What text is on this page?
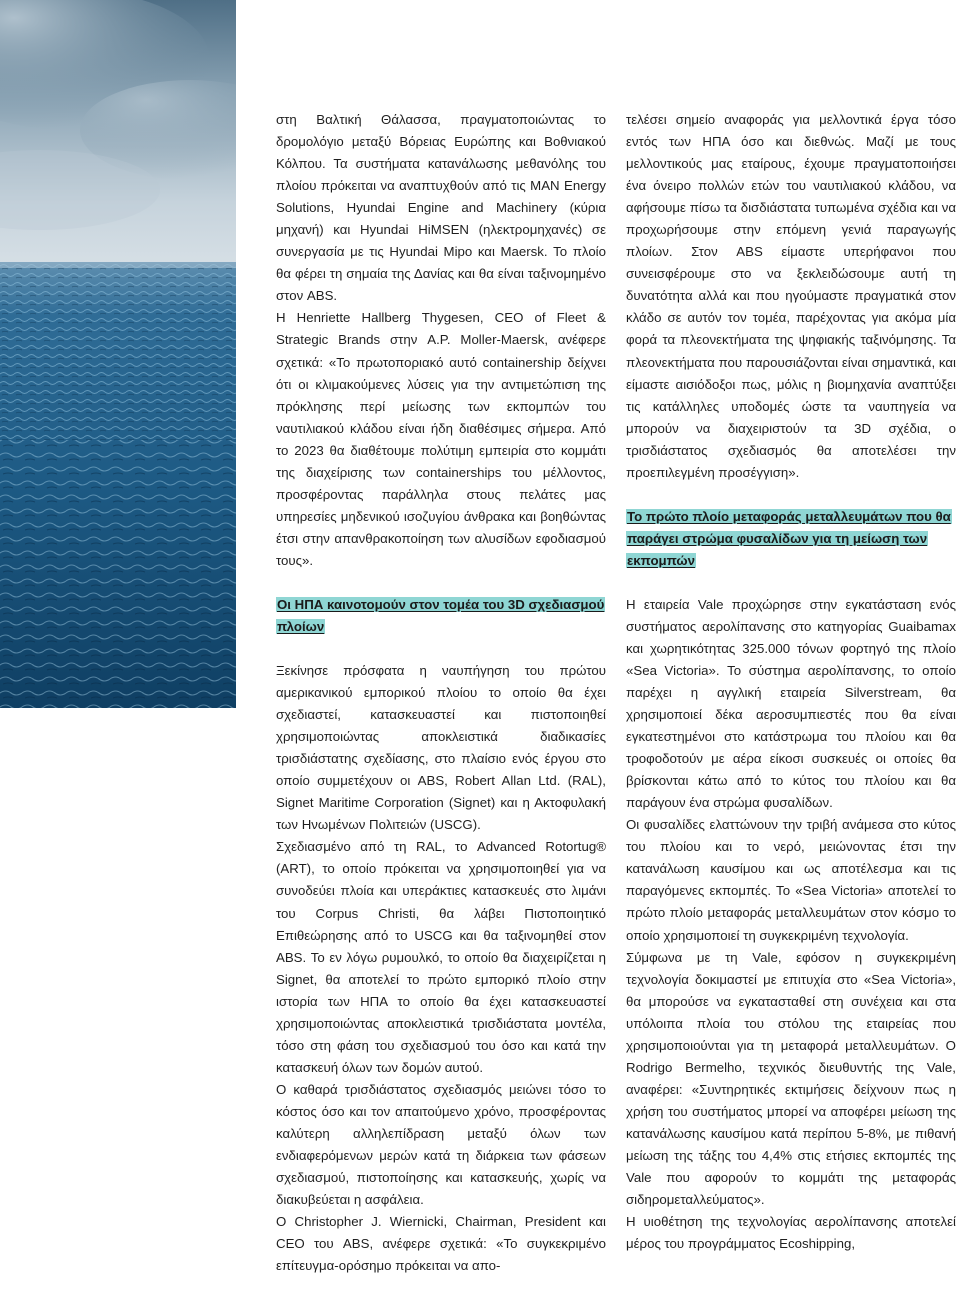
στη Βαλτική Θάλασσα, πραγματοποιώντας το δρομολόγιο μεταξύ Βόρειας Ευρώπης και Βοθνιακού Κόλπου. Τα συστήματα κατανάλωσης μεθανόλης του πλοίου πρόκειται να αναπτυχθούν από τις MAN Energy Solutions, Hyundai Engine and Machinery (κύρια μηχανή) και Hyundai HiMSEN (ηλεκτρομηχανές) σε συνεργασία με τις Hyundai Mipo και Maersk. Το πλοίο θα φέρει τη σημαία της Δανίας και θα είναι ταξινομημένο στον ABS.

Η Henriette Hallberg Thygesen, CEO of Fleet & Strategic Brands στην A.P. Moller-Maersk, ανέφερε σχετικά: «Το πρωτοποριακό αυτό containership δείχνει ότι οι κλιμακούμενες λύσεις για την αντιμετώπιση της πρόκλησης περί μείωσης των εκπομπών του ναυτιλιακού κλάδου είναι ήδη διαθέσιμες σήμερα. Από το 2023 θα διαθέτουμε πολύτιμη εμπειρία στο κομμάτι της διαχείρισης των containerships του μέλλοντος, προσφέροντας παράλληλα στους πελάτες μας υπηρεσίες μηδενικού ισοζυγίου άνθρακα και βοηθώντας έτσι στην απανθρακοποίηση των αλυσίδων εφοδιασμού τους».

Οι ΗΠΑ καινοτομούν στον τομέα του 3D σχεδιασμού πλοίων

Ξεκίνησε πρόσφατα η ναυπήγηση του πρώτου αμερικανικού εμπορικού πλοίου το οποίο θα έχει σχεδιαστεί, κατασκευαστεί και πιστοποιηθεί χρησιμοποιώντας αποκλειστικά διαδικασίες τρισδιάστατης σχεδίασης, στο πλαίσιο ενός έργου στο οποίο συμμετέχουν οι ABS, Robert Allan Ltd. (RAL), Signet Maritime Corporation (Signet) και η Ακτοφυλακή των Ηνωμένων Πολιτειών (USCG).

Σχεδιασμένο από τη RAL, το Advanced Rotortug® (ART), το οποίο πρόκειται να χρησιμοποιηθεί για να συνοδεύει πλοία και υπεράκτιες κατασκευές στο λιμάνι του Corpus Christi, θα λάβει Πιστοποιητικό Επιθεώρησης από το USCG και θα ταξινομηθεί στον ABS. Το εν λόγω ρυμουλκό, το οποίο θα διαχειρίζεται η Signet, θα αποτελεί το πρώτο εμπορικό πλοίο στην ιστορία των ΗΠΑ το οποίο θα έχει κατασκευαστεί χρησιμοποιώντας αποκλειστικά τρισδιάστατα μοντέλα, τόσο στη φάση του σχεδιασμού του όσο και κατά την κατασκευή όλων των δομών αυτού.

Ο καθαρά τρισδιάστατος σχεδιασμός μειώνει τόσο το κόστος όσο και τον απαιτούμενο χρόνο, προσφέροντας καλύτερη αλληλεπίδραση μεταξύ όλων των ενδιαφερόμενων μερών κατά τη διάρκεια των φάσεων σχεδιασμού, πιστοποίησης και κατασκευής, χωρίς να διακυβεύεται η ασφάλεια.

Ο Christopher J. Wiernicki, Chairman, President και CEO του ABS, ανέφερε σχετικά: «Το συγκεκριμένο επίτευγμα-ορόσημο πρόκειται να απο-

τελέσει σημείο αναφοράς για μελλοντικά έργα τόσο εντός των ΗΠΑ όσο και διεθνώς. Μαζί με τους μελλοντικούς μας εταίρους, έχουμε πραγματοποιήσει ένα όνειρο πολλών ετών του ναυτιλιακού κλάδου, να αφήσουμε πίσω τα δισδιάστατα τυπωμένα σχέδια και να προχωρήσουμε στην επόμενη γενιά παραγωγής πλοίων. Στον ABS είμαστε υπερήφανοι που συνεισφέρουμε στο να ξεκλειδώσουμε αυτή τη δυνατότητα αλλά και που ηγούμαστε πραγματικά στον κλάδο σε αυτόν τον τομέα, παρέχοντας για ακόμα μία φορά τα πλεονεκτήματα της ψηφιακής ταξινόμησης. Τα πλεονεκτήματα που παρουσιάζονται είναι σημαντικά, και είμαστε αισιόδοξοι πως, μόλις η βιομηχανία αναπτύξει τις κατάλληλες υποδομές ώστε τα ναυπηγεία να μπορούν να διαχειριστούν τα 3D σχέδια, ο τρισδιάστατος σχεδιασμός θα αποτελέσει την προεπιλεγμένη προσέγγιση».

Το πρώτο πλοίο μεταφοράς μεταλλευμάτων που θα παράγει στρώμα φυσαλίδων για τη μείωση των εκπομπών

Η εταιρεία Vale προχώρησε στην εγκατάσταση ενός συστήματος αερολίπανσης στο κατηγορίας Guaibamax και χωρητικότητας 325.000 τόνων φορτηγό της πλοίο «Sea Victoria». Το σύστημα αερολίπανσης, το οποίο παρέχει η αγγλική εταιρεία Silverstream, θα χρησιμοποιεί δέκα αεροσυμπιεστές που θα είναι εγκατεστημένοι στο κατάστρωμα του πλοίου και θα τροφοδοτούν με αέρα είκοσι συσκευές οι οποίες θα βρίσκονται κάτω από το κύτος του πλοίου και θα παράγουν ένα στρώμα φυσαλίδων.

Οι φυσαλίδες ελαττώνουν την τριβή ανάμεσα στο κύτος του πλοίου και το νερό, μειώνοντας έτσι την κατανάλωση καυσίμου και ως αποτέλεσμα και τις παραγόμενες εκπομπές. Το «Sea Victoria» αποτελεί το πρώτο πλοίο μεταφοράς μεταλλευμάτων στον κόσμο το οποίο χρησιμοποιεί τη συγκεκριμένη τεχνολογία.

Σύμφωνα με τη Vale, εφόσον η συγκεκριμένη τεχνολογία δοκιμαστεί με επιτυχία στο «Sea Victoria», θα μπορούσε να εγκατασταθεί στη συνέχεια και στα υπόλοιπα πλοία του στόλου της εταιρείας που χρησιμοποιούνται για τη μεταφορά μεταλλευμάτων. Ο Rodrigo Bermelho, τεχνικός διευθυντής της Vale, αναφέρει: «Συντηρητικές εκτιμήσεις δείχνουν πως η χρήση του συστήματος μπορεί να αποφέρει μείωση της κατανάλωσης καυσίμου κατά περίπου 5-8%, με πιθανή μείωση της τάξης του 4,4% στις ετήσιες εκπομπές της Vale που αφορούν το κομμάτι της μεταφοράς σιδηρομεταλλεύματος».

Η υιοθέτηση της τεχνολογίας αερολίπανσης αποτελεί μέρος του προγράμματος Ecoshipping,
